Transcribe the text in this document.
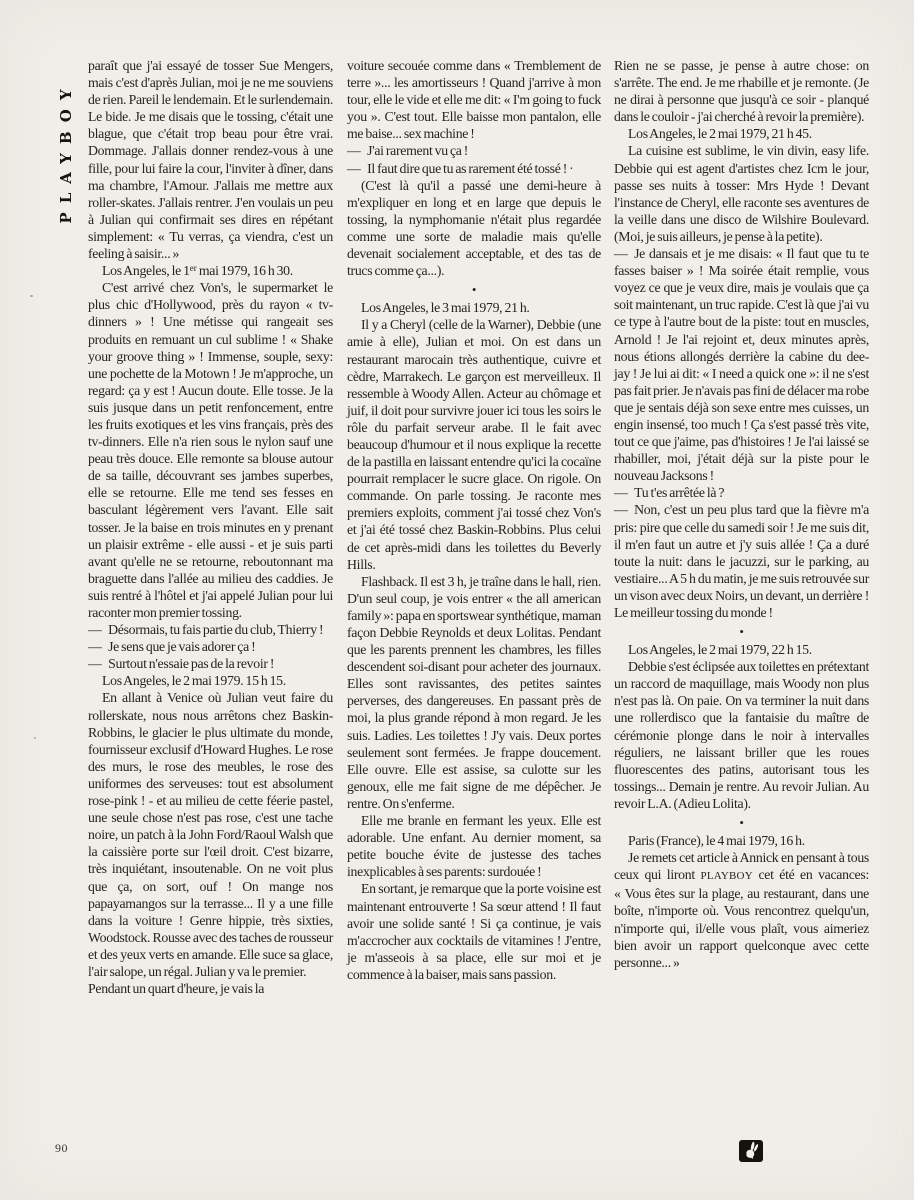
PLAYBOY

paraît que j'ai essayé de tosser Sue Mengers, mais c'est d'après Julian, moi je ne me souviens de rien. Pareil le lendemain. Et le surlendemain. Le bide. Je me disais que le tossing, c'était une blague, que c'était trop beau pour être vrai. Dommage. J'allais donner rendez-vous à une fille, pour lui faire la cour, l'inviter à dîner, dans ma chambre, l'Amour. J'allais me mettre aux roller-skates. J'allais rentrer. J'en voulais un peu à Julian qui confirmait ses dires en répétant simplement: « Tu verras, ça viendra, c'est un feeling à saisir... »

Los Angeles, le 1er mai 1979, 16 h 30.

C'est arrivé chez Von's, le supermarket le plus chic d'Hollywood, près du rayon « tv-dinners » ! Une métisse qui rangeait ses produits en remuant un cul sublime ! « Shake your groove thing » ! Immense, souple, sexy: une pochette de la Motown ! Je m'approche, un regard: ça y est ! Aucun doute. Elle tosse. Je la suis jusque dans un petit renfoncement, entre les fruits exotiques et les vins français, près des tv-dinners. Elle n'a rien sous le nylon sauf une peau très douce. Elle remonte sa blouse autour de sa taille, découvrant ses jambes superbes, elle se retourne. Elle me tend ses fesses en basculant légèrement vers l'avant. Elle sait tosser. Je la baise en trois minutes en y prenant un plaisir extrême - elle aussi - et je suis parti avant qu'elle ne se retourne, reboutonnant ma braguette dans l'allée au milieu des caddies. Je suis rentré à l'hôtel et j'ai appelé Julian pour lui raconter mon premier tossing.

— Désormais, tu fais partie du club, Thierry !

— Je sens que je vais adorer ça !

— Surtout n'essaie pas de la revoir !

Los Angeles, le 2 mai 1979. 15 h 15.

En allant à Venice où Julian veut faire du rollerskate, nous nous arrêtons chez Baskin-Robbins, le glacier le plus ultimate du monde, fournisseur exclusif d'Howard Hughes. Le rose des murs, le rose des meubles, le rose des uniformes des serveuses: tout est absolument rose-pink ! - et au milieu de cette féerie pastel, une seule chose n'est pas rose, c'est une tache noire, un patch à la John Ford/Raoul Walsh que la caissière porte sur l'œil droit. C'est bizarre, très inquiétant, insoutenable. On ne voit plus que ça, on sort, ouf ! On mange nos papayamangos sur la terrasse... Il y a une fille dans la voiture ! Genre hippie, très sixties, Woodstock. Rousse avec des taches de rousseur et des yeux verts en amande. Elle suce sa glace, l'air salope, un régal. Julian y va le premier.

Pendant un quart d'heure, je vais la

voiture secouée comme dans « Tremblement de terre »... les amortisseurs ! Quand j'arrive à mon tour, elle le vide et elle me dit: « I'm going to fuck you ». C'est tout. Elle baisse mon pantalon, elle me baise... sex machine !

— J'ai rarement vu ça !

— Il faut dire que tu as rarement été tossé ! ·

(C'est là qu'il a passé une demi-heure à m'expliquer en long et en large que depuis le tossing, la nymphomanie n'était plus regardée comme une sorte de maladie mais qu'elle devenait socialement acceptable, et des tas de trucs comme ça...).

•

Los Angeles, le 3 mai 1979, 21 h.

Il y a Cheryl (celle de la Warner), Debbie (une amie à elle), Julian et moi. On est dans un restaurant marocain très authentique, cuivre et cèdre, Marrakech. Le garçon est merveilleux. Il ressemble à Woody Allen. Acteur au chômage et juif, il doit pour survivre jouer ici tous les soirs le rôle du parfait serveur arabe. Il le fait avec beaucoup d'humour et il nous explique la recette de la pastilla en laissant entendre qu'ici la cocaïne pourrait remplacer le sucre glace. On rigole. On commande. On parle tossing. Je raconte mes premiers exploits, comment j'ai tossé chez Von's et j'ai été tossé chez Baskin-Robbins. Plus celui de cet après-midi dans les toilettes du Beverly Hills.

Flashback. Il est 3 h, je traîne dans le hall, rien. D'un seul coup, je vois entrer « the all american family »: papa en sportswear synthétique, maman façon Debbie Reynolds et deux Lolitas. Pendant que les parents prennent les chambres, les filles descendent soi-disant pour acheter des journaux. Elles sont ravissantes, des petites saintes perverses, des dangereuses. En passant près de moi, la plus grande répond à mon regard. Je les suis. Ladies. Les toilettes ! J'y vais. Deux portes seulement sont fermées. Je frappe doucement. Elle ouvre. Elle est assise, sa culotte sur les genoux, elle me fait signe de me dépêcher. Je rentre. On s'enferme.

Elle me branle en fermant les yeux. Elle est adorable. Une enfant. Au dernier moment, sa petite bouche évite de justesse des taches inexplicables à ses parents: surdouée !

En sortant, je remarque que la porte voisine est maintenant entrouverte ! Sa sœur attend ! Il faut avoir une solide santé ! Si ça continue, je vais m'accrocher aux cocktails de vitamines ! J'entre, je m'asseois à sa place, elle sur moi et je commence à la baiser, mais sans passion.

Rien ne se passe, je pense à autre chose: on s'arrête. The end. Je me rhabille et je remonte. (Je ne dirai à personne que jusqu'à ce soir - planqué dans le couloir - j'ai cherché à revoir la première).

Los Angeles, le 2 mai 1979, 21 h 45.

La cuisine est sublime, le vin divin, easy life. Debbie qui est agent d'artistes chez Icm le jour, passe ses nuits à tosser: Mrs Hyde ! Devant l'instance de Cheryl, elle raconte ses aventures de la veille dans une disco de Wilshire Boulevard. (Moi, je suis ailleurs, je pense à la petite).

— Je dansais et je me disais: « Il faut que tu te fasses baiser » ! Ma soirée était remplie, vous voyez ce que je veux dire, mais je voulais que ça soit maintenant, un truc rapide. C'est là que j'ai vu ce type à l'autre bout de la piste: tout en muscles, Arnold ! Je l'ai rejoint et, deux minutes après, nous étions allongés derrière la cabine du dee-jay ! Je lui ai dit: « I need a quick one »: il ne s'est pas fait prier. Je n'avais pas fini de délacer ma robe que je sentais déjà son sexe entre mes cuisses, un engin insensé, too much ! Ça s'est passé très vite, tout ce que j'aime, pas d'histoires ! Je l'ai laissé se rhabiller, moi, j'était déjà sur la piste pour le nouveau Jacksons !

— Tu t'es arrêtée là ?

— Non, c'est un peu plus tard que la fièvre m'a pris: pire que celle du samedi soir ! Je me suis dit, il m'en faut un autre et j'y suis allée ! Ça a duré toute la nuit: dans le jacuzzi, sur le parking, au vestiaire... A 5 h du matin, je me suis retrouvée sur un vison avec deux Noirs, un devant, un derrière ! Le meilleur tossing du monde !

•

Los Angeles, le 2 mai 1979, 22 h 15.

Debbie s'est éclipsée aux toilettes en prétextant un raccord de maquillage, mais Woody non plus n'est pas là. On paie. On va terminer la nuit dans une rollerdisco que la fantaisie du maître de cérémonie plonge dans le noir à intervalles réguliers, ne laissant briller que les roues fluorescentes des patins, autorisant tous les tossings... Demain je rentre. Au revoir Julian. Au revoir L.A. (Adieu Lolita).

•

Paris (France), le 4 mai 1979, 16 h.

Je remets cet article à Annick en pensant à tous ceux qui liront PLAYBOY cet été en vacances: « Vous êtes sur la plage, au restaurant, dans une boîte, n'importe où. Vous rencontrez quelqu'un, n'importe qui, il/elle vous plaît, vous aimeriez bien avoir un rapport quelconque avec cette personne... »

90
